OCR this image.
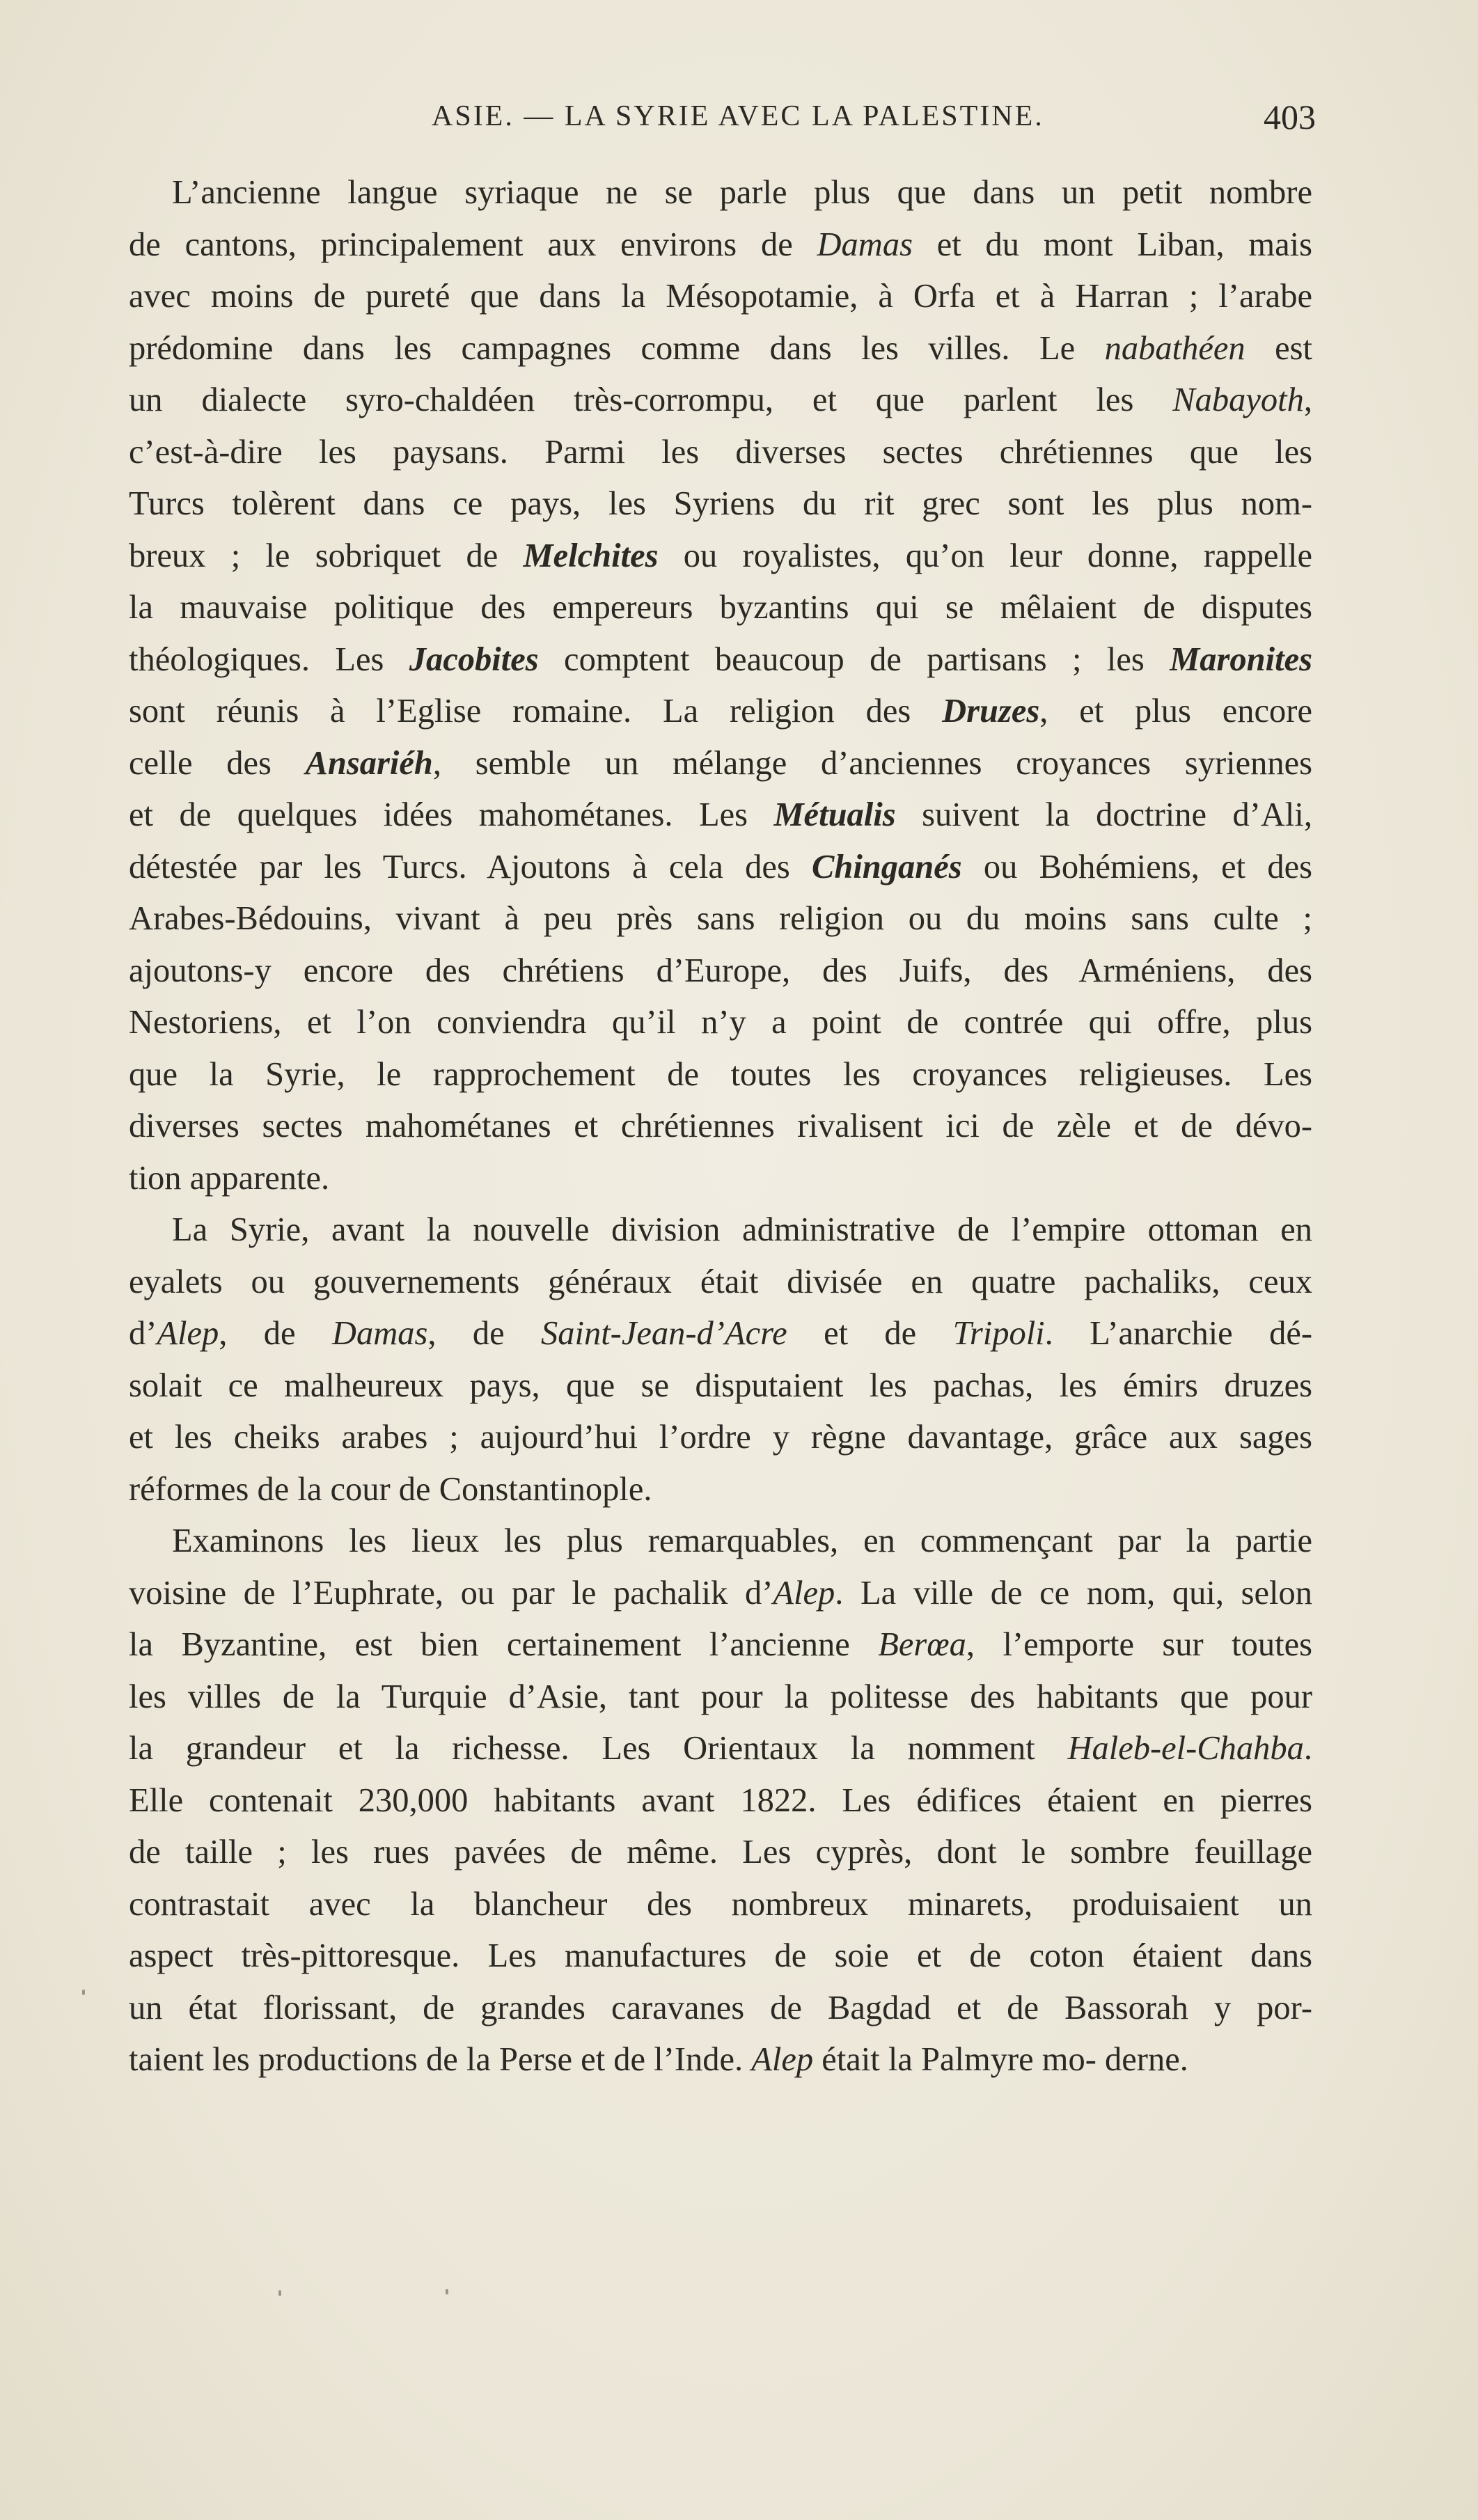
ASIE. — LA SYRIE AVEC LA PALESTINE.	403

L’ancienne langue syriaque ne se parle plus que dans un petit nombre de cantons, principalement aux environs de Damas et du mont Liban, mais avec moins de pureté que dans la Mésopotamie, à Orfa et à Harran ; l’arabe prédomine dans les campagnes comme dans les villes. Le nabathéen est un dialecte syro-chaldéen très-corrompu, et que parlent les Nabayoth, c’est-à-dire les paysans. Parmi les diverses sectes chrétiennes que les Turcs tolèrent dans ce pays, les Syriens du rit grec sont les plus nom- breux ; le sobriquet de Melchites ou royalistes, qu’on leur donne, rappelle la mauvaise politique des empereurs byzantins qui se mêlaient de disputes théologiques. Les Jacobites comptent beaucoup de partisans ; les Maronites sont réunis à l’Eglise romaine. La religion des Druzes, et plus encore celle des Ansariéh, semble un mélange d’anciennes croyances syriennes et de quelques idées mahométanes. Les Métualis suivent la doctrine d’Ali, détestée par les Turcs. Ajoutons à cela des Chinganés ou Bohémiens, et des Arabes-Bédouins, vivant à peu près sans religion ou du moins sans culte ; ajoutons-y encore des chrétiens d’Europe, des Juifs, des Arméniens, des Nestoriens, et l’on conviendra qu’il n’y a point de contrée qui offre, plus que la Syrie, le rapprochement de toutes les croyances religieuses. Les diverses sectes mahométanes et chrétiennes rivalisent ici de zèle et de dévo- tion apparente.

La Syrie, avant la nouvelle division administrative de l’empire ottoman en eyalets ou gouvernements généraux était divisée en quatre pachaliks, ceux d’Alep, de Damas, de Saint-Jean-d’Acre et de Tripoli. L’anarchie dé- solait ce malheureux pays, que se disputaient les pachas, les émirs druzes et les cheiks arabes ; aujourd’hui l’ordre y règne davantage, grâce aux sages réformes de la cour de Constantinople.

Examinons les lieux les plus remarquables, en commençant par la partie voisine de l’Euphrate, ou par le pachalik d’Alep. La ville de ce nom, qui, selon la Byzantine, est bien certainement l’ancienne Berœa, l’emporte sur toutes les villes de la Turquie d’Asie, tant pour la politesse des habitants que pour la grandeur et la richesse. Les Orientaux la nomment Haleb-el-Chahba. Elle contenait 230,000 habitants avant 1822. Les édifices étaient en pierres de taille ; les rues pavées de même. Les cyprès, dont le sombre feuillage contrastait avec la blancheur des nombreux minarets, produisaient un aspect très-pittoresque. Les manufactures de soie et de coton étaient dans un état florissant, de grandes caravanes de Bagdad et de Bassorah y por- taient les productions de la Perse et de l’Inde. Alep était la Palmyre mo- derne.
